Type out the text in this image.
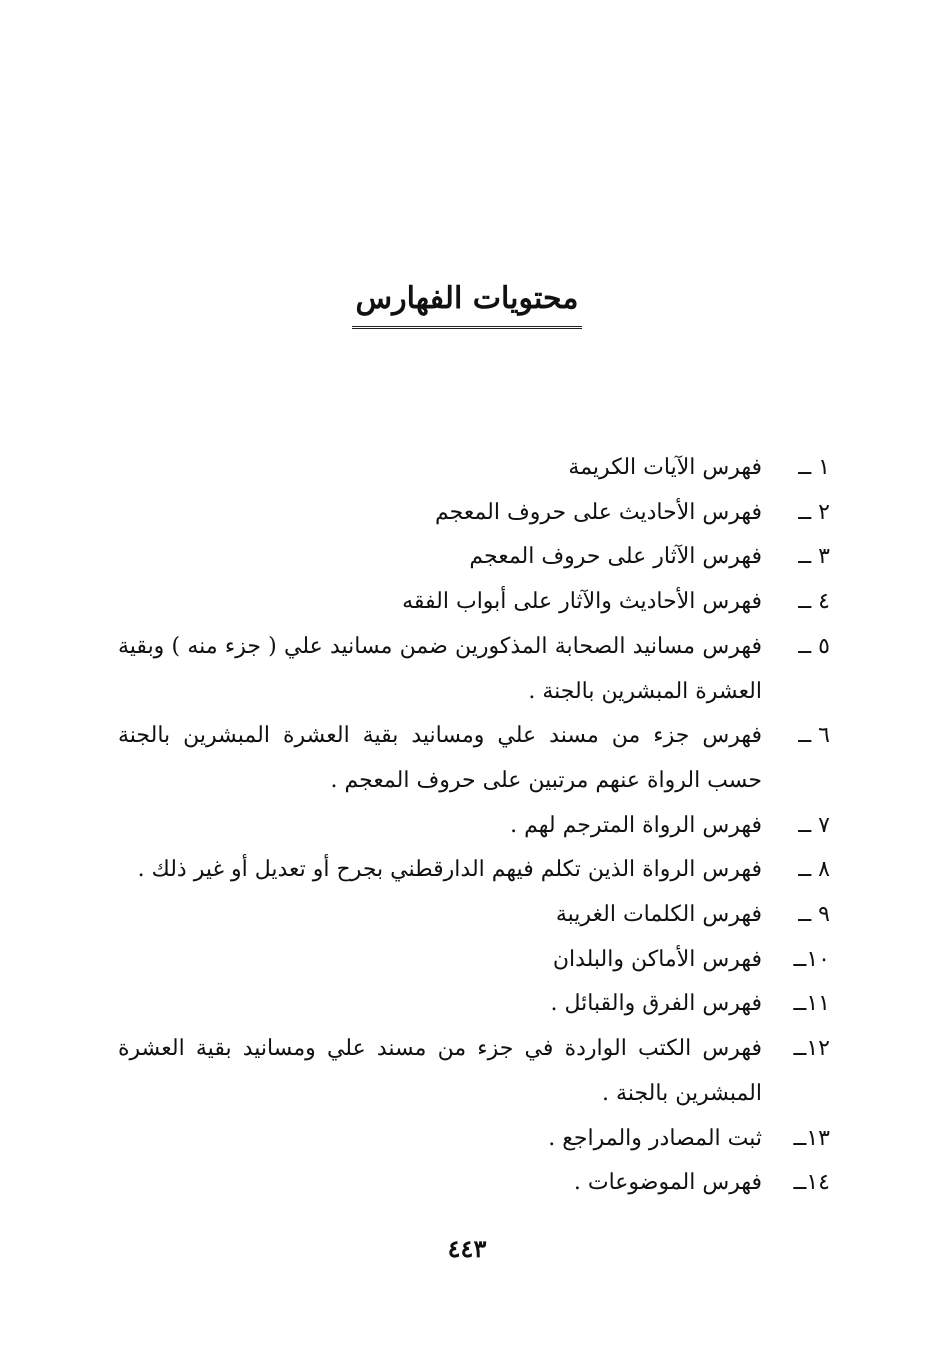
محتويات الفهارس
١ ــ
فهرس الآيات الكريمة
٢ ــ
فهرس الأحاديث على حروف المعجم
٣ ــ
فهرس الآثار على حروف المعجم
٤ ــ
فهرس الأحاديث والآثار على أبواب الفقه
٥ ــ
فهرس مسانيد الصحابة المذكورين ضمن مسانيد علي ( جزء منه ) وبقية العشرة المبشرين بالجنة .
٦ ــ
فهرس جزء من مسند علي ومسانيد بقية العشرة المبشرين بالجنة حسب الرواة عنهم مرتبين على حروف المعجم .
٧ ــ
فهرس الرواة المترجم لهم .
٨ ــ
فهرس الرواة الذين تكلم فيهم الدارقطني بجرح أو تعديل أو غير ذلك .
٩ ــ
فهرس الكلمات الغريبة
١٠ــ
فهرس الأماكن والبلدان
١١ــ
فهرس الفرق والقبائل .
١٢ــ
فهرس الكتب الواردة في جزء من مسند علي ومسانيد بقية العشرة المبشرين بالجنة .
١٣ــ
ثبت المصادر والمراجع .
١٤ــ
فهرس الموضوعات .
٤٤٣
